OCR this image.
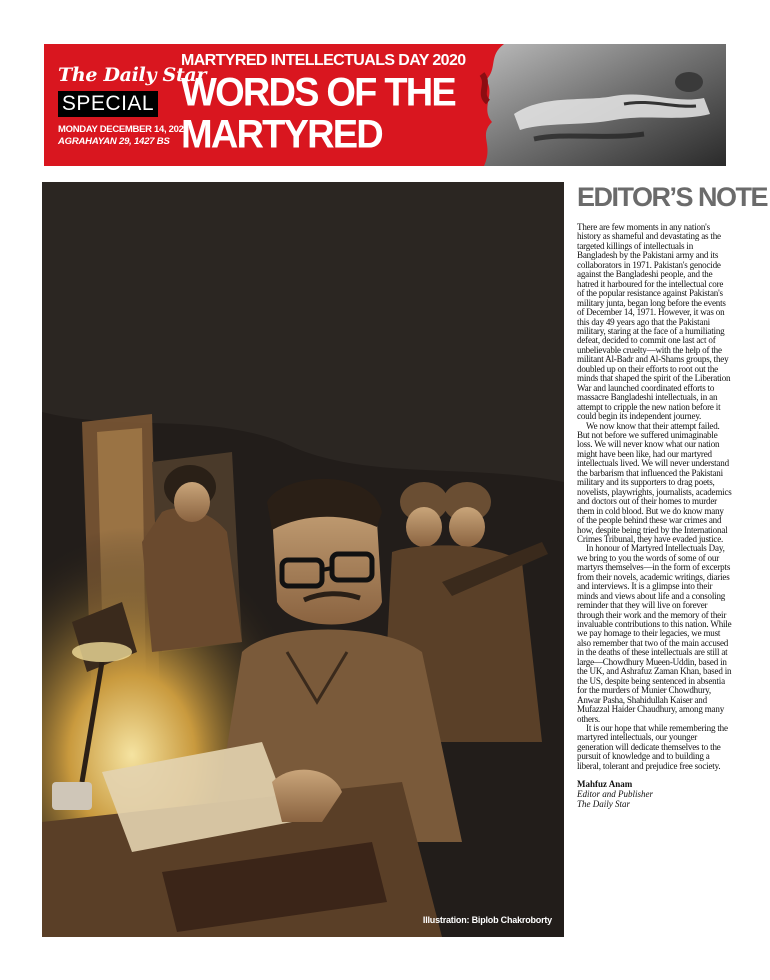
The Daily Star
SPECIAL
MONDAY DECEMBER 14, 2020
AGRAHAYAN 29, 1427 BS
MARTYRED INTELLECTUALS DAY 2020
WORDS OF THE
MARTYRED
Illustration: Biplob Chakroborty
EDITOR’S NOTE

There are few moments in any nation's history as shameful and devastating as the targeted killings of intellectuals in Bangladesh by the Pakistani army and its collaborators in 1971. Pakistan's genocide against the Bangladeshi people, and the hatred it harboured for the intellectual core of the popular resistance against Pakistan's military junta, began long before the events of December 14, 1971. However, it was on this day 49 years ago that the Pakistani military, staring at the face of a humiliating defeat, decided to commit one last act of unbelievable cruelty—with the help of the militant Al-Badr and Al-Shams groups, they doubled up on their efforts to root out the minds that shaped the spirit of the Liberation War and launched coordinated efforts to massacre Bangladeshi intellectuals, in an attempt to cripple the new nation before it could begin its independent journey.

We now know that their attempt failed. But not before we suffered unimaginable loss. We will never know what our nation might have been like, had our martyred intellectuals lived. We will never understand the barbarism that influenced the Pakistani military and its supporters to drag poets, novelists, playwrights, journalists, academics and doctors out of their homes to murder them in cold blood. But we do know many of the people behind these war crimes and how, despite being tried by the International Crimes Tribunal, they have evaded justice.

In honour of Martyred Intellectuals Day, we bring to you the words of some of our martyrs themselves—in the form of excerpts from their novels, academic writings, diaries and interviews. It is a glimpse into their minds and views about life and a consoling reminder that they will live on forever through their work and the memory of their invaluable contributions to this nation. While we pay homage to their legacies, we must also remember that two of the main accused in the deaths of these intellectuals are still at large—Chowdhury Mueen-Uddin, based in the UK, and Ashrafuz Zaman Khan, based in the US, despite being sentenced in absentia for the murders of Munier Chowdhury, Anwar Pasha, Shahidullah Kaiser and Mufazzal Haider Chaudhury, among many others.

It is our hope that while remembering the martyred intellectuals, our younger generation will dedicate themselves to the pursuit of knowledge and to building a liberal, tolerant and prejudice free society.

Mahfuz Anam
Editor and Publisher
The Daily Star
